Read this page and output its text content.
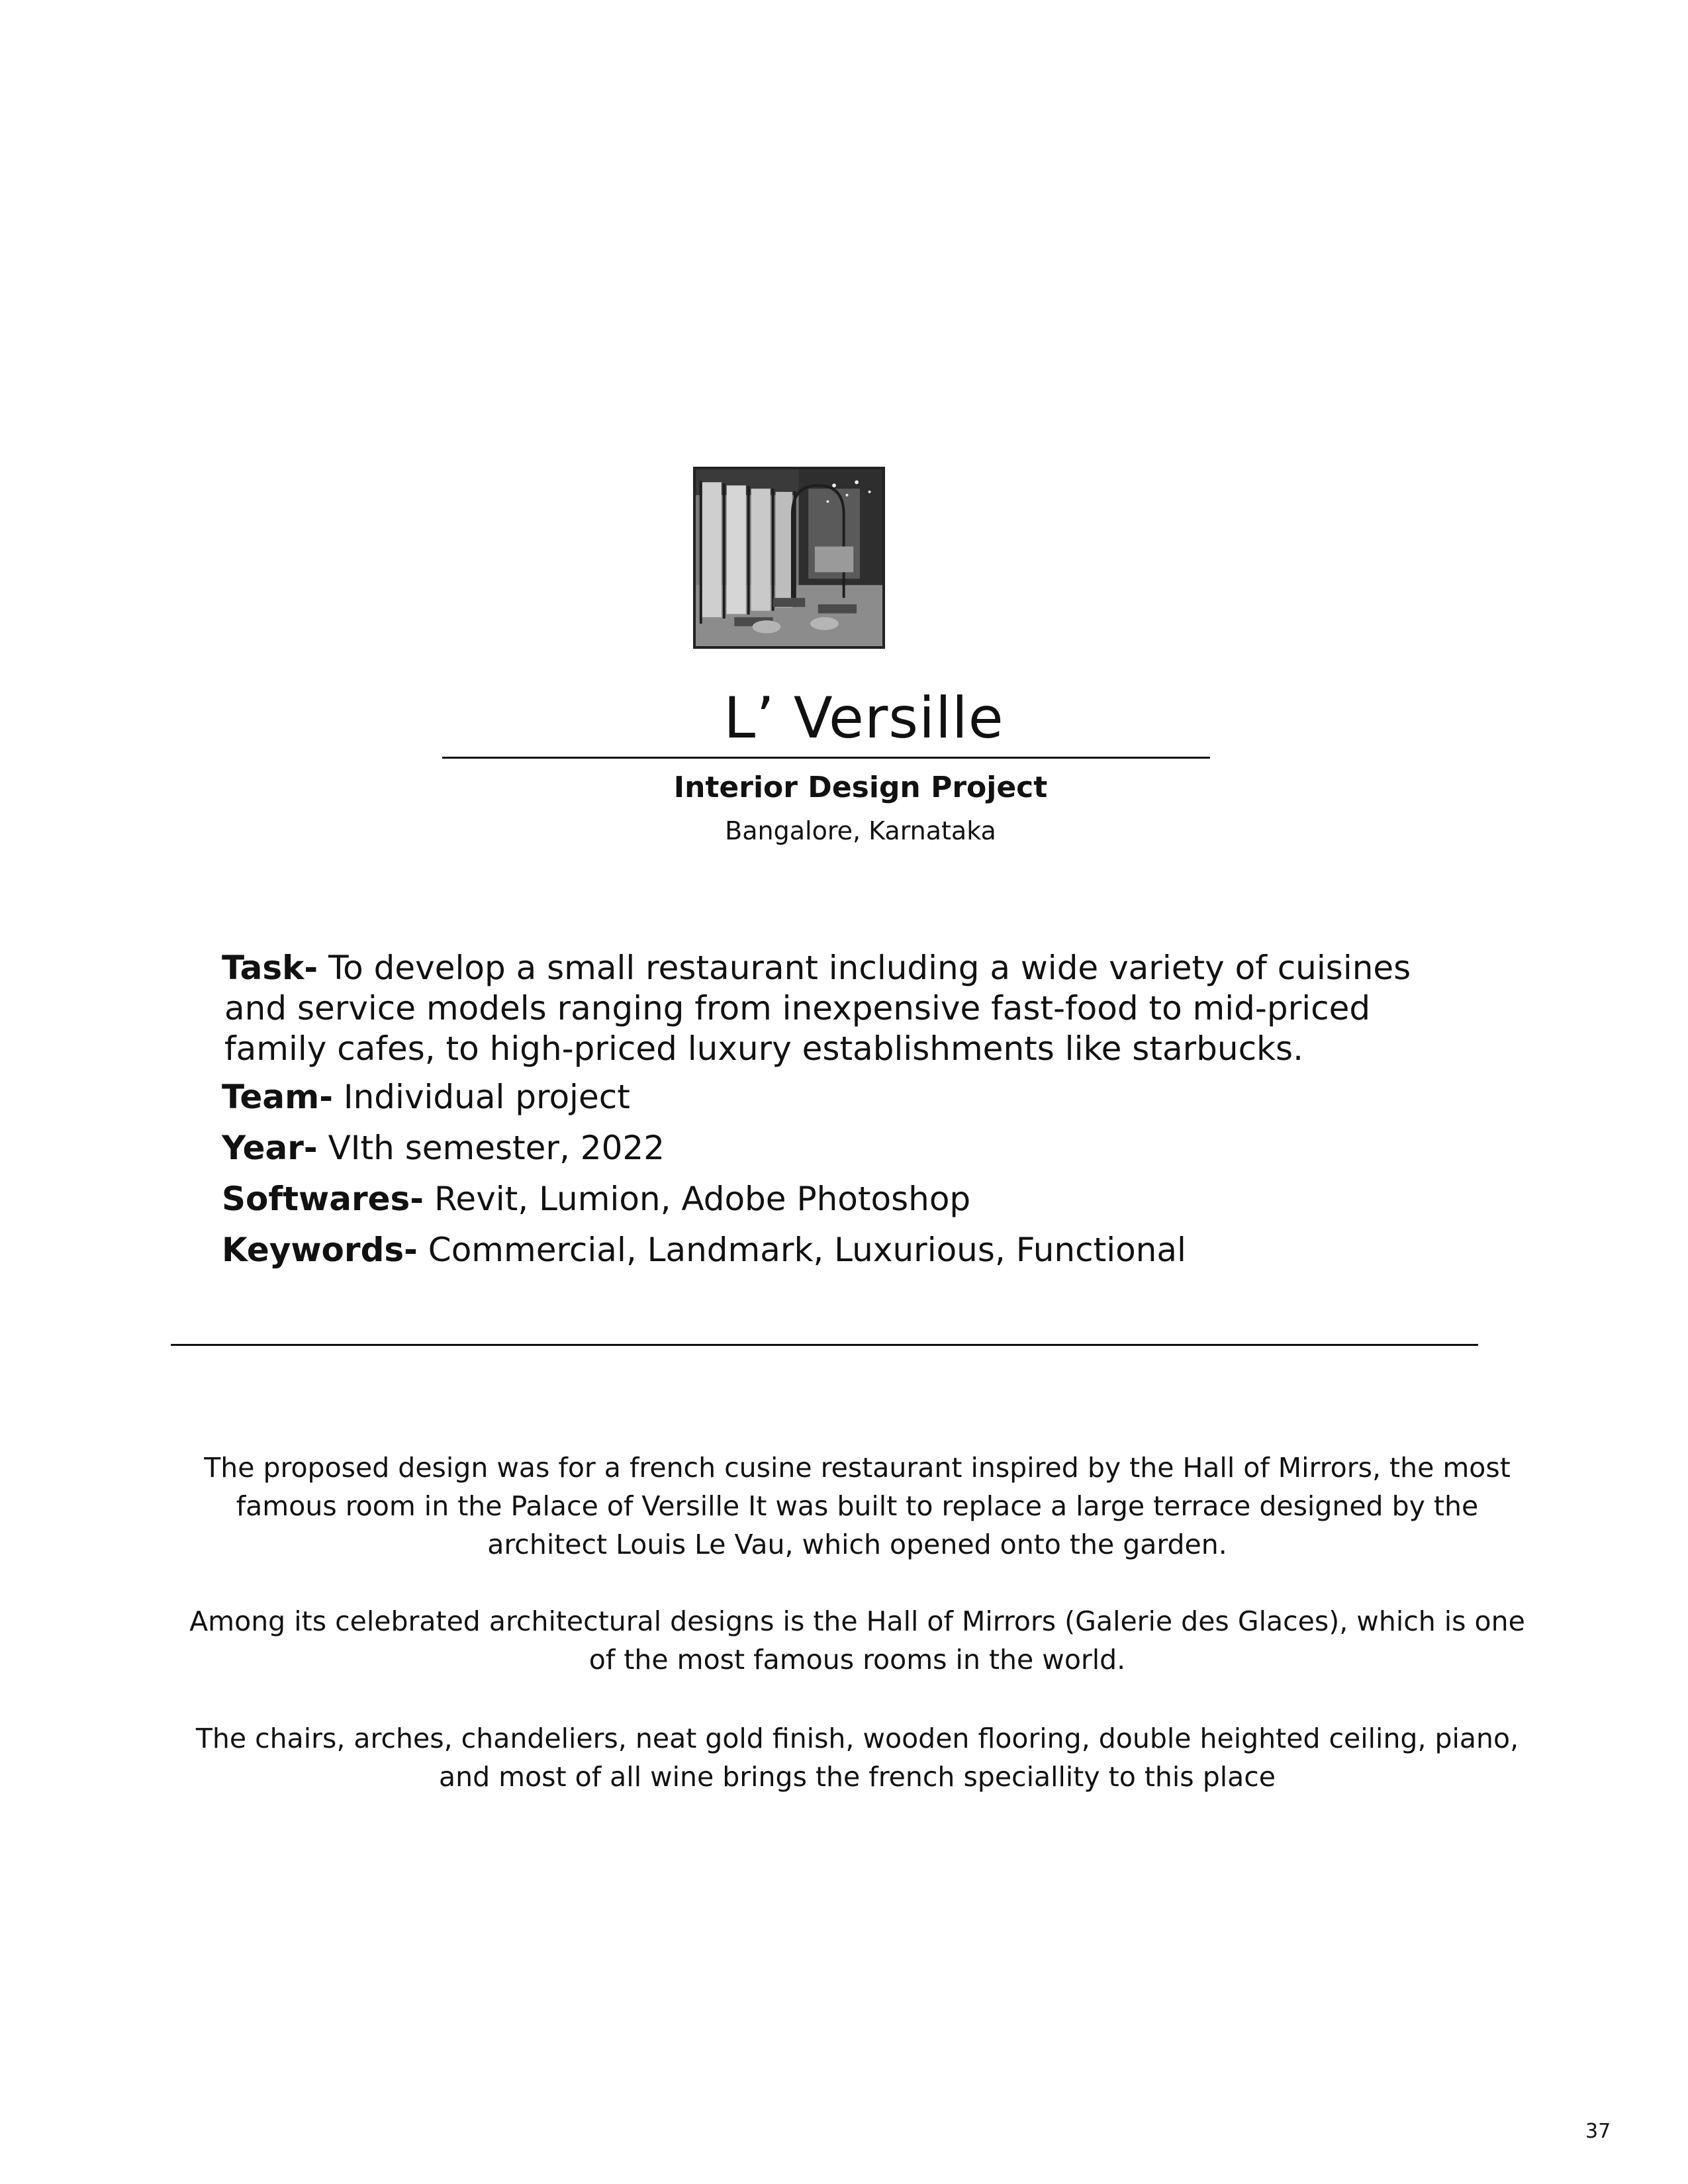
L’ Versille
Interior Design Project
Bangalore, Karnataka
Task- To develop a small restaurant including a wide variety of cuisines
and service models ranging from inexpensive fast-food to mid-priced
family cafes, to high-priced luxury establishments like starbucks.
Team- Individual project
Year- VIth semester, 2022
Softwares- Revit, Lumion, Adobe Photoshop
Keywords- Commercial, Landmark, Luxurious, Functional
The proposed design was for a french cusine restaurant inspired by the Hall of Mirrors, the most
famous room in the Palace of Versille It was built to replace a large terrace designed by the
architect Louis Le Vau, which opened onto the garden.
Among its celebrated architectural designs is the Hall of Mirrors (Galerie des Glaces), which is one
of the most famous rooms in the world.
The chairs, arches, chandeliers, neat gold finish, wooden flooring, double heighted ceiling, piano,
and most of all wine brings the french speciallity to this place
37
